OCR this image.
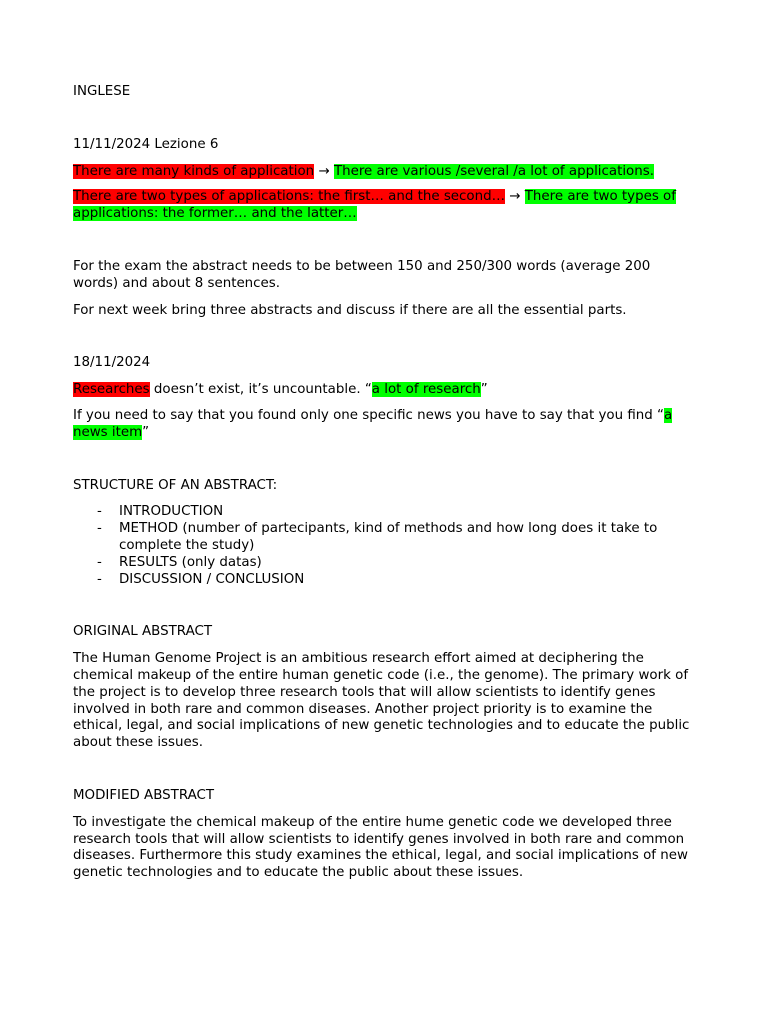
INGLESE

11/11/2024 Lezione 6

There are many kinds of application → There are various /several /a lot of applications.

There are two types of applications: the first… and the second… → There are two types of applications: the former… and the latter…

For the exam the abstract needs to be between 150 and 250/300 words (average 200 words) and about 8 sentences.

For next week bring three abstracts and discuss if there are all the essential parts.

18/11/2024

Researches doesn’t exist, it’s uncountable. “a lot of research”

If you need to say that you found only one specific news you have to say that you find “a news item”

STRUCTURE OF AN ABSTRACT:

- INTRODUCTION
- METHOD (number of partecipants, kind of methods and how long does it take to complete the study)
- RESULTS (only datas)
- DISCUSSION / CONCLUSION

ORIGINAL ABSTRACT

The Human Genome Project is an ambitious research effort aimed at deciphering the chemical makeup of the entire human genetic code (i.e., the genome). The primary work of the project is to develop three research tools that will allow scientists to identify genes involved in both rare and common diseases. Another project priority is to examine the ethical, legal, and social implications of new genetic technologies and to educate the public about these issues.

MODIFIED ABSTRACT

To investigate the chemical makeup of the entire hume genetic code we developed three research tools that will allow scientists to identify genes involved in both rare and common diseases. Furthermore this study examines the ethical, legal, and social implications of new genetic technologies and to educate the public about these issues.
